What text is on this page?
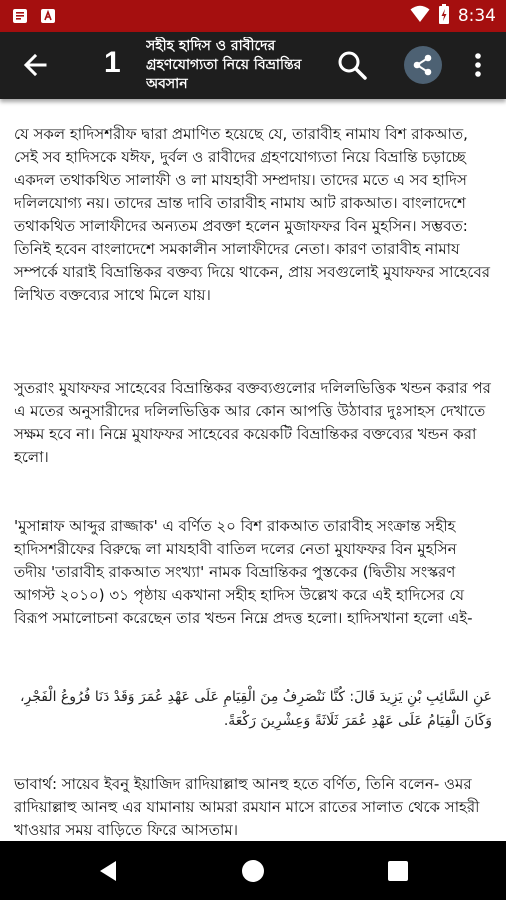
8:34
1 সহীহ হাদিস ও রাবীদের গ্রহণযোগ্যতা নিয়ে বিভ্রান্তির অবসান

যে সকল হাদিসশরীফ দ্বারা প্রমাণিত হয়েছে যে, তারাবীহ নামায বিশ রাকআত, সেই সব হাদিসকে যঈফ, দুর্বল ও রাবীদের গ্রহণযোগ্যতা নিয়ে বিভ্রান্তি চড়াচ্ছে একদল তথাকথিত সালাফী ও লা মাযহাবী সম্প্রদায়। তাদের মতে এ সব হাদিস দলিলযোগ্য নয়। তাদের ভ্রান্ত দাবি তারাবীহ নামায আট রাকআত। বাংলাদেশে তথাকথিত সালাফীদের অন্যতম প্রবক্তা হলেন মুজাফফর বিন মুহসিন। সম্ভবত: তিনিই হবেন বাংলাদেশে সমকালীন সালাফীদের নেতা। কারণ তারাবীহ নামায সম্পর্কে যারাই বিভ্রান্তিকর বক্তব্য দিয়ে থাকেন, প্রায় সবগুলোই মুযাফফর সাহেবের লিখিত বক্তব্যের সাথে মিলে যায়।

সুতরাং মুযাফফর সাহেবের বিভ্রান্তিকর বক্তব্যগুলোর দলিলভিত্তিক খন্ডন করার পর এ মতের অনুসারীদের দলিলভিত্তিক আর কোন আপত্তি উঠাবার দুঃসাহস দেখাতে সক্ষম হবে না। নিম্নে মুযাফফর সাহেবের কয়েকটি বিভ্রান্তিকর বক্তব্যের খন্ডন করা হলো।

'মুসান্নাফ আব্দুর রাজ্জাক' এ বর্ণিত ২০ বিশ রাকআত তারাবীহ সংক্রান্ত সহীহ হাদিসশরীফের বিরুদ্ধে লা মাযহাবী বাতিল দলের নেতা মুযাফফর বিন মুহসিন তদীয় 'তারাবীহ রাকআত সংখ্যা' নামক বিভ্রান্তিকর পুস্তকের (দ্বিতীয় সংস্করণ আগস্ট ২০১০) ৩১ পৃষ্ঠায় একখানা সহীহ হাদিস উল্লেখ করে এই হাদিসের যে বিরূপ সমালোচনা করেছেন তার খন্ডন নিম্নে প্রদত্ত হলো। হাদিসখানা হলো এই-

عَنِ السَّائِبِ بْنِ يَزِيدَ قَالَ: كُنَّا نَنْصَرِفُ مِنَ الْقِيَامِ عَلَى عَهْدِ عُمَرَ وَقَدْ دَنَا فُرُوعُ الْفَجْرِ، وَكَانَ الْقِيَامُ عَلَى عَهْدِ عُمَرَ ثَلَاثَةً وَعِشْرِينَ رَكْعَةً.

ভাবার্থ: সায়েব ইবনু ইয়াজিদ রাদিয়াল্লাহু আনহু হতে বর্ণিত, তিনি বলেন- ওমর রাদিয়াল্লাহু আনহু এর যামানায় আমরা রমযান মাসে রাতের সালাত থেকে সাহরী খাওয়ার সময় বাড়িতে ফিরে আসতাম।
